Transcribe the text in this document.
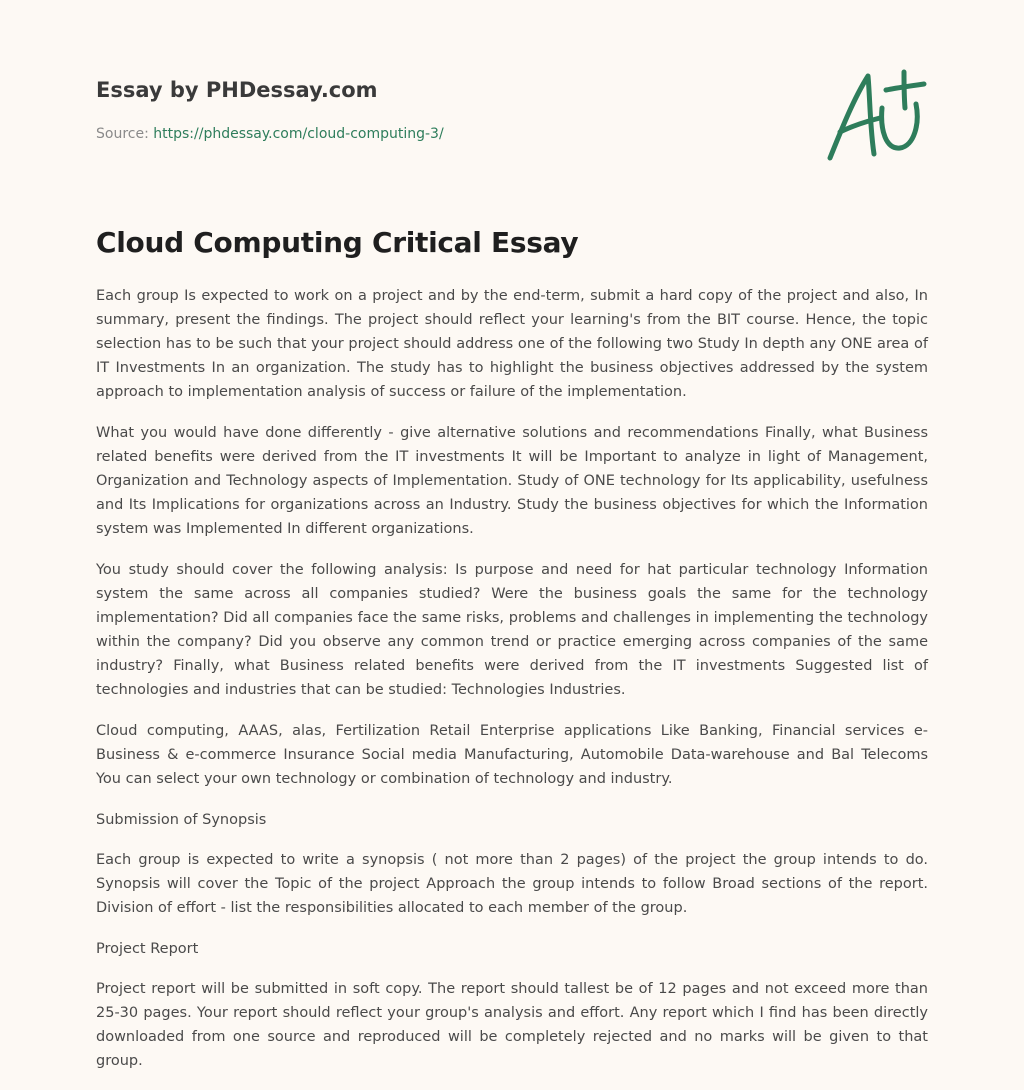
Essay by PHDessay.com
Source: https://phdessay.com/cloud-computing-3/
Cloud Computing Critical Essay

Each group Is expected to work on a project and by the end-term, submit a hard copy of the project and also, In summary, present the findings. The project should reflect your learning's from the BIT course. Hence, the topic selection has to be such that your project should address one of the following two Study In depth any ONE area of IT Investments In an organization. The study has to highlight the business objectives addressed by the system approach to implementation analysis of success or failure of the implementation.

What you would have done differently - give alternative solutions and recommendations Finally, what Business related benefits were derived from the IT investments It will be Important to analyze in light of Management, Organization and Technology aspects of Implementation. Study of ONE technology for Its applicability, usefulness and Its Implications for organizations across an Industry. Study the business objectives for which the Information system was Implemented In different organizations.

You study should cover the following analysis: Is purpose and need for hat particular technology Information system the same across all companies studied? Were the business goals the same for the technology implementation? Did all companies face the same risks, problems and challenges in implementing the technology within the company? Did you observe any common trend or practice emerging across companies of the same industry? Finally, what Business related benefits were derived from the IT investments Suggested list of technologies and industries that can be studied: Technologies Industries.

Cloud computing, AAAS, alas, Fertilization Retail Enterprise applications Like Banking, Financial services e-Business & e-commerce Insurance Social media Manufacturing, Automobile Data-warehouse and Bal Telecoms You can select your own technology or combination of technology and industry.

Submission of Synopsis

Each group is expected to write a synopsis ( not more than 2 pages) of the project the group intends to do. Synopsis will cover the Topic of the project Approach the group intends to follow Broad sections of the report. Division of effort - list the responsibilities allocated to each member of the group.

Project Report

Project report will be submitted in soft copy. The report should tallest be of 12 pages and not exceed more than 25-30 pages. Your report should reflect your group's analysis and effort. Any report which I find has been directly downloaded from one source and reproduced will be completely rejected and no marks will be given to that group.
